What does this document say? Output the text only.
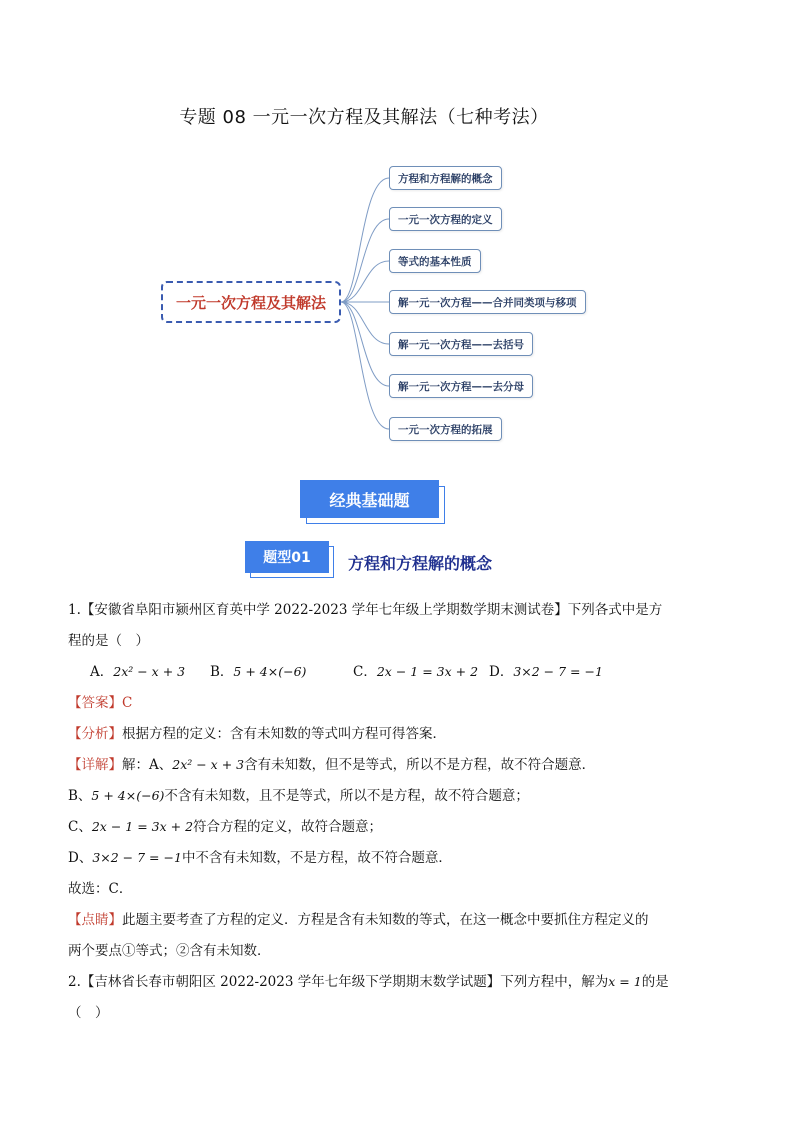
专题 08 一元一次方程及其解法（七种考法）
一元一次方程及其解法
方程和方程解的概念
一元一次方程的定义
等式的基本性质
解一元一次方程——合并同类项与移项
解一元一次方程——去括号
解一元一次方程——去分母
一元一次方程的拓展
经典基础题
题型01	方程和方程解的概念
1.【安徽省阜阳市颍州区育英中学 2022-2023 学年七年级上学期数学期末测试卷】下列各式中是方
程的是（　）
A．2x² − x + 3 B．5 + 4×(−6)	C．2x − 1 = 3x + 2 D．3×2 − 7 = −1
【答案】C
【分析】根据方程的定义：含有未知数的等式叫方程可得答案．
【详解】解：A、2x² − x + 3含有未知数，但不是等式，所以不是方程，故不符合题意．
B、5 + 4×(−6)不含有未知数，且不是等式，所以不是方程，故不符合题意；
C、2x − 1 = 3x + 2符合方程的定义，故符合题意；
D、3×2 − 7 = −1中不含有未知数，不是方程，故不符合题意．
故选：C．
【点睛】此题主要考查了方程的定义．方程是含有未知数的等式，在这一概念中要抓住方程定义的
两个要点①等式；②含有未知数．
2.【吉林省长春市朝阳区 2022-2023 学年七年级下学期期末数学试题】下列方程中，解为x = 1的是
（　）
